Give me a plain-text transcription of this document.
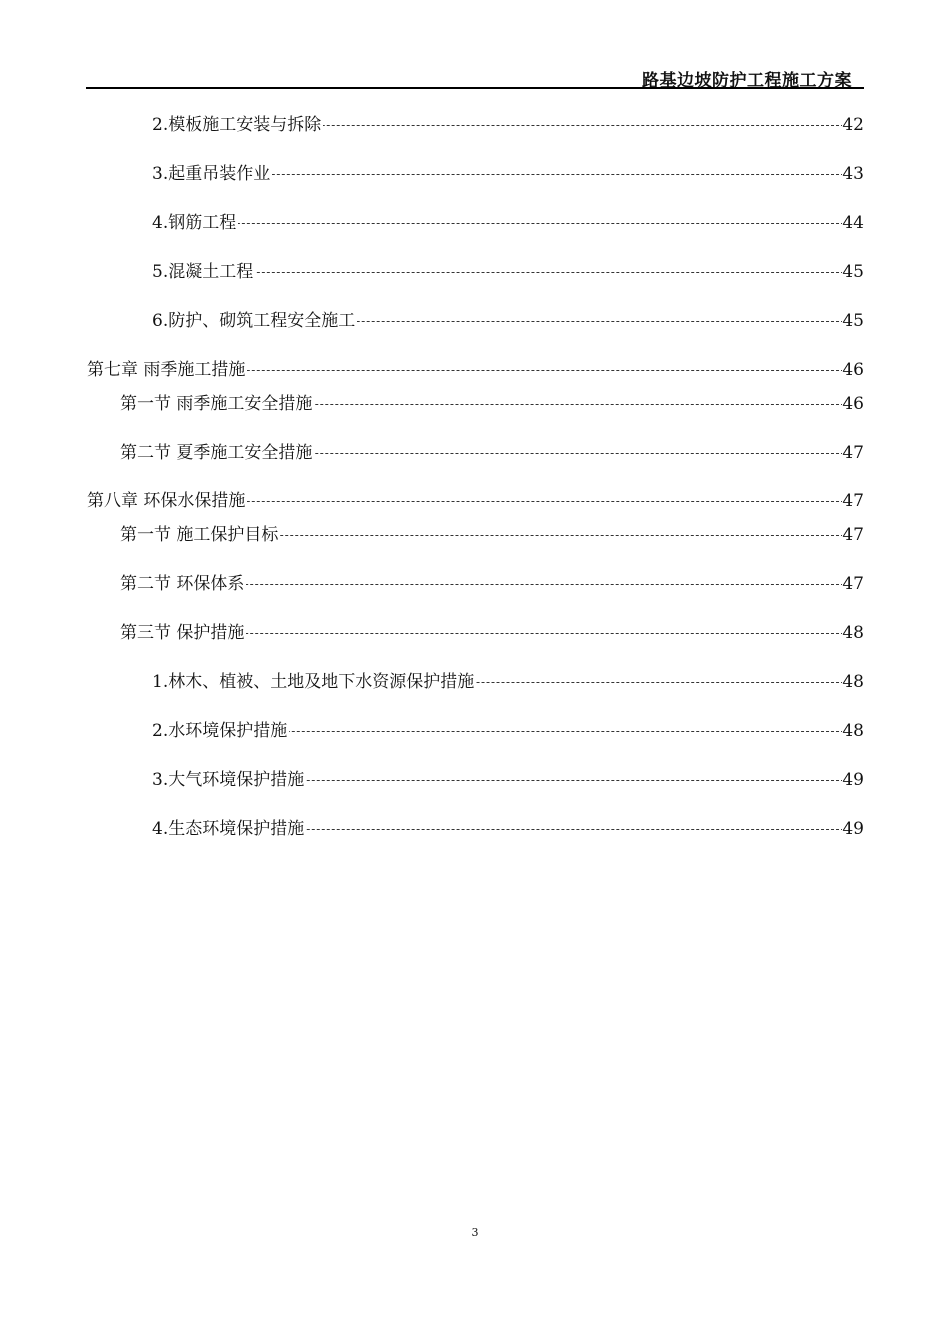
路基边坡防护工程施工方案
2.模板施工安装与拆除	42
3.起重吊装作业	43
4.钢筋工程	44
5.混凝土工程	45
6.防护、砌筑工程安全施工	45
第七章 雨季施工措施	46
第一节 雨季施工安全措施	46
第二节 夏季施工安全措施	47
第八章 环保水保措施	47
第一节 施工保护目标	47
第二节 环保体系	47
第三节 保护措施	48
1.林木、植被、土地及地下水资源保护措施	48
2.水环境保护措施	48
3.大气环境保护措施	49
4.生态环境保护措施	49
3
